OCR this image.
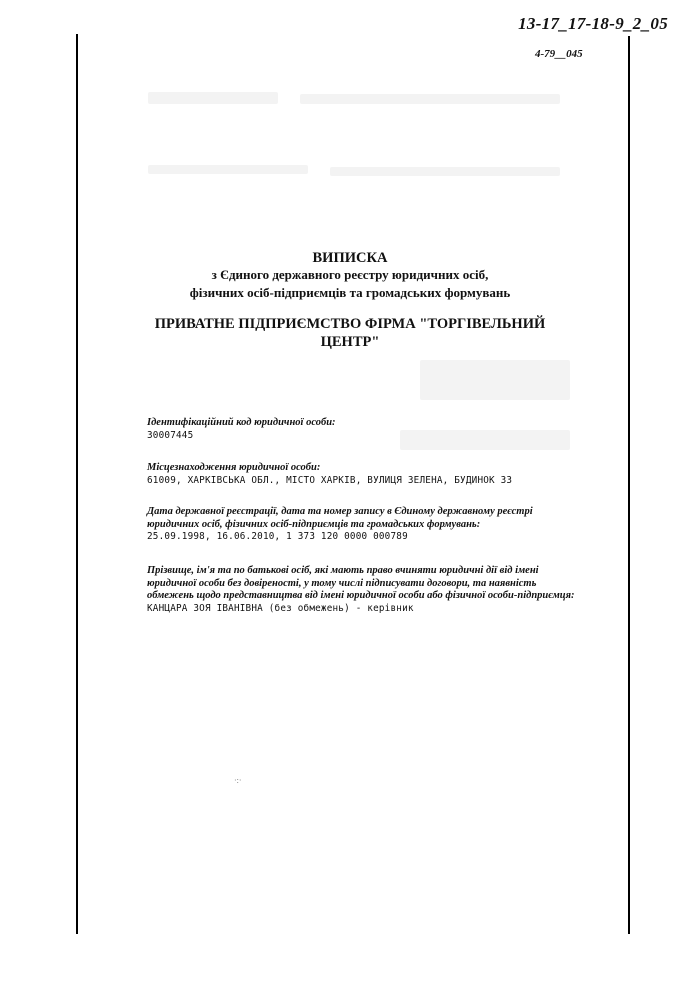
13-17_17-18-9_2_05
4-79__045
ВИПИСКА
з Єдиного державного реєстру юридичних осіб,
фізичних осіб-підприємців та громадських формувань
ПРИВАТНЕ ПІДПРИЄМСТВО ФІРМА "ТОРГІВЕЛЬНИЙ ЦЕНТР"

Ідентифікаційний код юридичної особи:

30007445

Місцезнаходження юридичної особи:

61009, ХАРКІВСЬКА ОБЛ., МІСТО ХАРКІВ, ВУЛИЦЯ ЗЕЛЕНА, БУДИНОК 33

Дата державної реєстрації, дата та номер запису в Єдиному державному реєстрі юридичних осіб, фізичних осіб-підприємців та громадських формувань:

25.09.1998, 16.06.2010, 1 373 120 0000 000789

Прізвище, ім'я та по батькові осіб, які мають право вчиняти юридичні дії від імені юридичної особи без довіреності, у тому числі підписувати договори, та наявність обмежень щодо представництва від імені юридичної особи або фізичної особи-підприємця:

КАНЦАРА ЗОЯ ІВАНІВНА (без обмежень) - керівник

·:·
